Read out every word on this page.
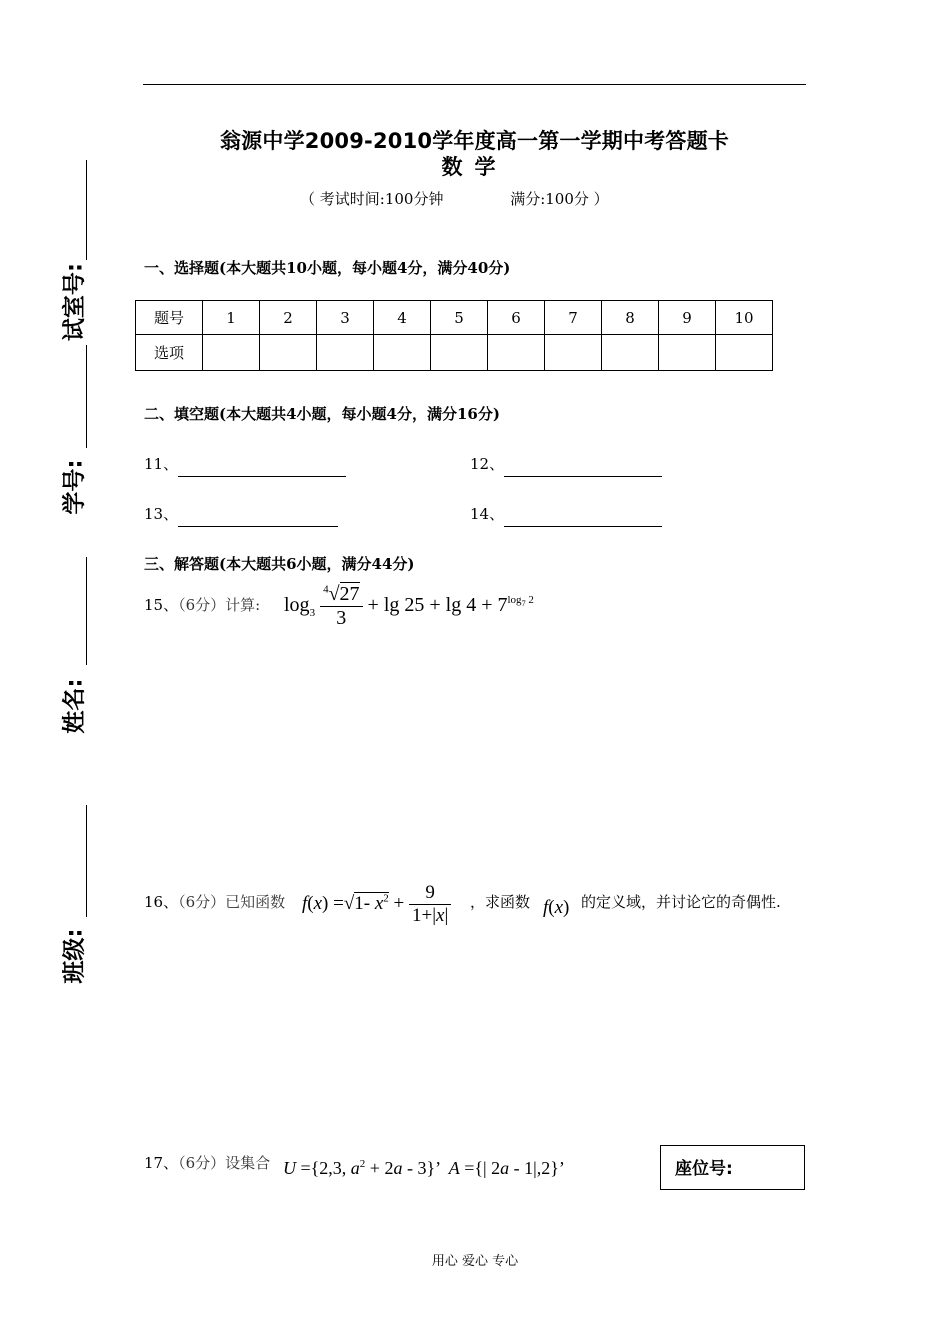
翁源中学2009-2010学年度高一第一学期中考答题卡
数学
（ 考试时间:100分钟              满分:100分 ）
试室号:
学号:
姓名:
班级:
一、选择题(本大题共10小题，每小题4分，满分40分)
题号	1	2	3	4	5	6	7	8	9	10
选项										
二、填空题(本大题共4小题，每小题4分，满分16分)
11、	12、
13、	14、
三、解答题(本大题共6小题，满分44分)
15、（6分）计算: $\log_3 \frac{^4√27}{3} + \lg 25 + \lg 4 + 7^{log_7 2}$
16、（6分）已知函数 f(x) =√1- $x^2 + \frac{9}{1+|x|}$ ，求函数 f(x) 的定义域，并讨论它的奇偶性.
17、（6分）设集合 U ={2,3, $a^2 + 2a - 3$}’  A ={| 2a - 1|,2}’	座位号:
用心 爱心 专心
